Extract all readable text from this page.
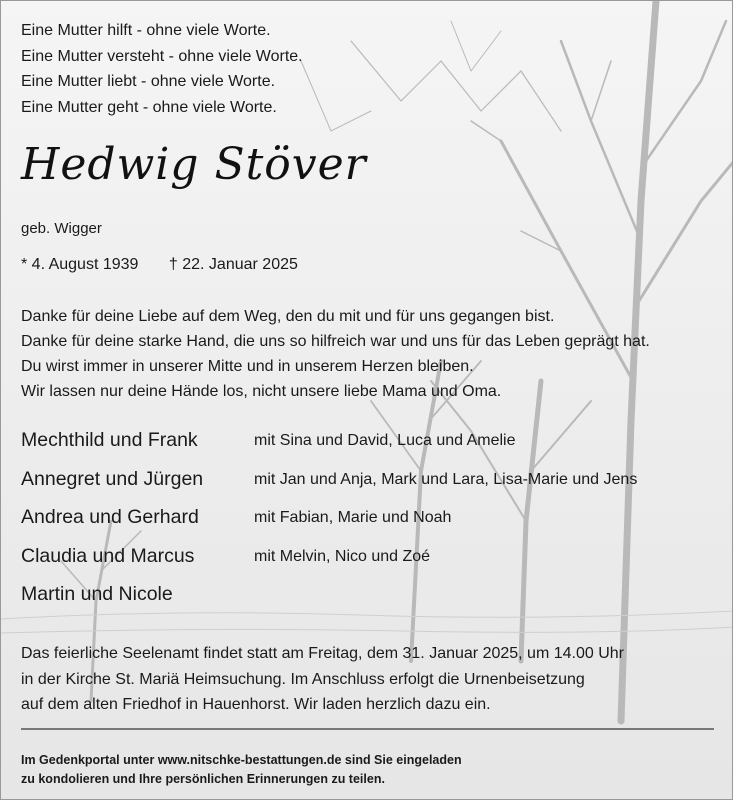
Eine Mutter hilft - ohne viele Worte.
Eine Mutter versteht - ohne viele Worte.
Eine Mutter liebt - ohne viele Worte.
Eine Mutter geht - ohne viele Worte.
Hedwig Stöver
geb. Wigger
* 4. August 1939 † 22. Januar 2025
Danke für deine Liebe auf dem Weg, den du mit und für uns gegangen bist.
Danke für deine starke Hand, die uns so hilfreich war und uns für das Leben geprägt hat.
Du wirst immer in unserer Mitte und in unserem Herzen bleiben.
Wir lassen nur deine Hände los, nicht unsere liebe Mama und Oma.
Mechthild und Frank	mit Sina und David, Luca und Amelie
Annegret und Jürgen	mit Jan und Anja, Mark und Lara, Lisa-Marie und Jens
Andrea und Gerhard	mit Fabian, Marie und Noah
Claudia und Marcus	mit Melvin, Nico und Zoé
Martin und Nicole
Das feierliche Seelenamt findet statt am Freitag, dem 31. Januar 2025, um 14.00 Uhr
in der Kirche St. Mariä Heimsuchung. Im Anschluss erfolgt die Urnenbeisetzung
auf dem alten Friedhof in Hauenhorst. Wir laden herzlich dazu ein.
Im Gedenkportal unter www.nitschke-bestattungen.de sind Sie eingeladen
zu kondolieren und Ihre persönlichen Erinnerungen zu teilen.
